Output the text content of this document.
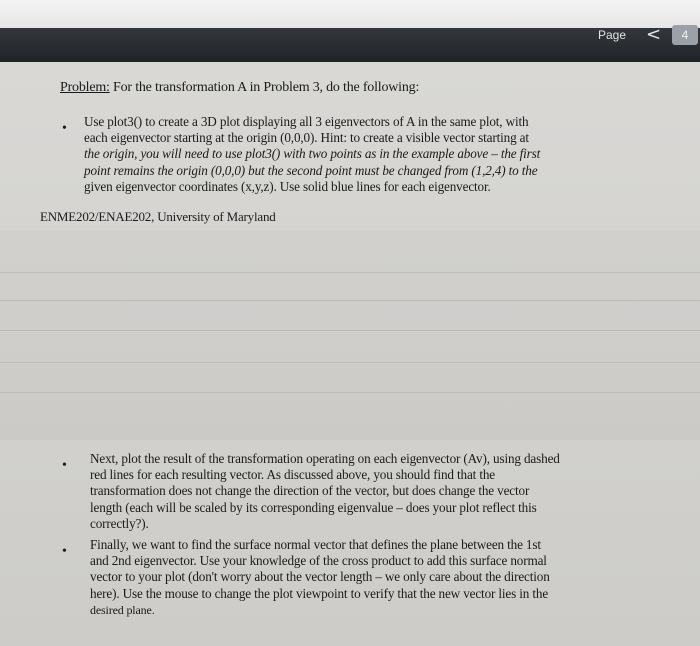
Page <	4
Problem: For the transformation A in Problem 3, do the following:
• Use plot3() to create a 3D plot displaying all 3 eigenvectors of A in the same plot, with
each eigenvector starting at the origin (0,0,0). Hint: to create a visible vector starting at
the origin, you will need to use plot3() with two points as in the example above – the first
point remains the origin (0,0,0) but the second point must be changed from (1,2,4) to the
given eigenvector coordinates (x,y,z). Use solid blue lines for each eigenvector.
ENME202/ENAE202, University of Maryland
• Next, plot the result of the transformation operating on each eigenvector (Av), using dashed
red lines for each resulting vector. As discussed above, you should find that the
transformation does not change the direction of the vector, but does change the vector
length (each will be scaled by its corresponding eigenvalue – does your plot reflect this
correctly?).
• Finally, we want to find the surface normal vector that defines the plane between the 1st
and 2nd eigenvector. Use your knowledge of the cross product to add this surface normal
vector to your plot (don't worry about the vector length – we only care about the direction
here). Use the mouse to change the plot viewpoint to verify that the new vector lies in the
desired plane.
